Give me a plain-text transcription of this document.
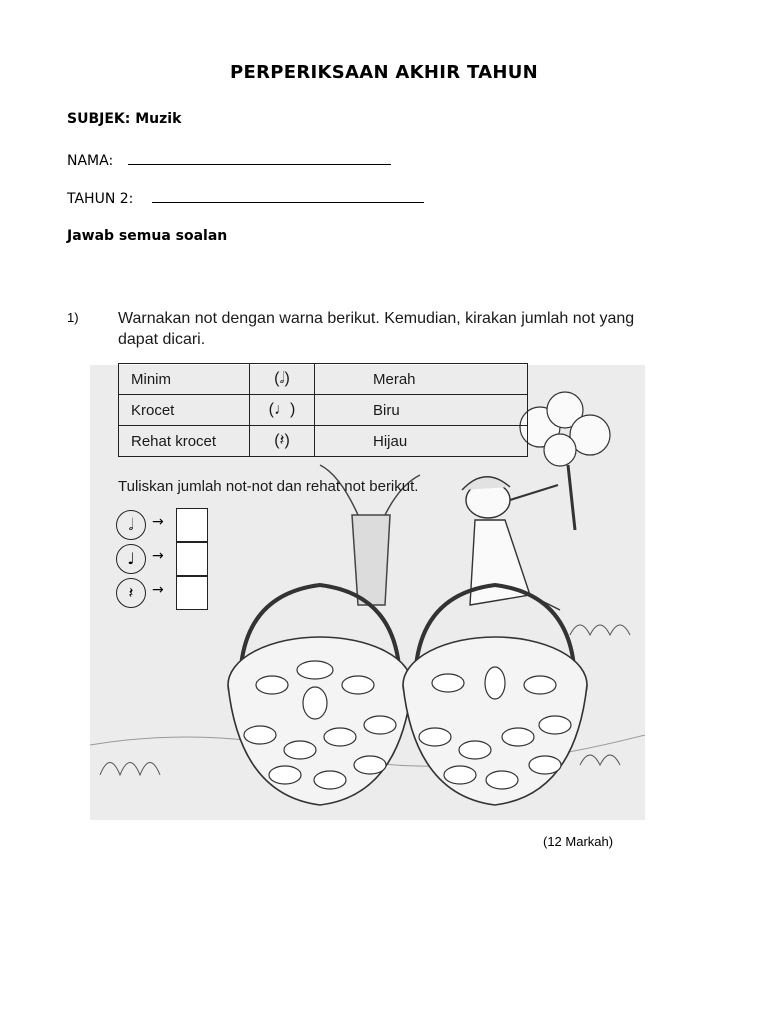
PERPERIKSAAN AKHIR TAHUN
SUBJEK: Muzik
NAMA:
TAHUN 2:
Jawab semua soalan
1) Warnakan not dengan warna berikut. Kemudian, kirakan jumlah not yang dapat dicari.
Minim	(𝅗𝅥)	Merah
Krocet	(♩)	Biru
Rehat krocet	(𝄽)	Hijau
Tuliskan jumlah not-not dan rehat not berikut.
𝅗𝅥	→
♩	→
𝄽	→
(12 Markah)
